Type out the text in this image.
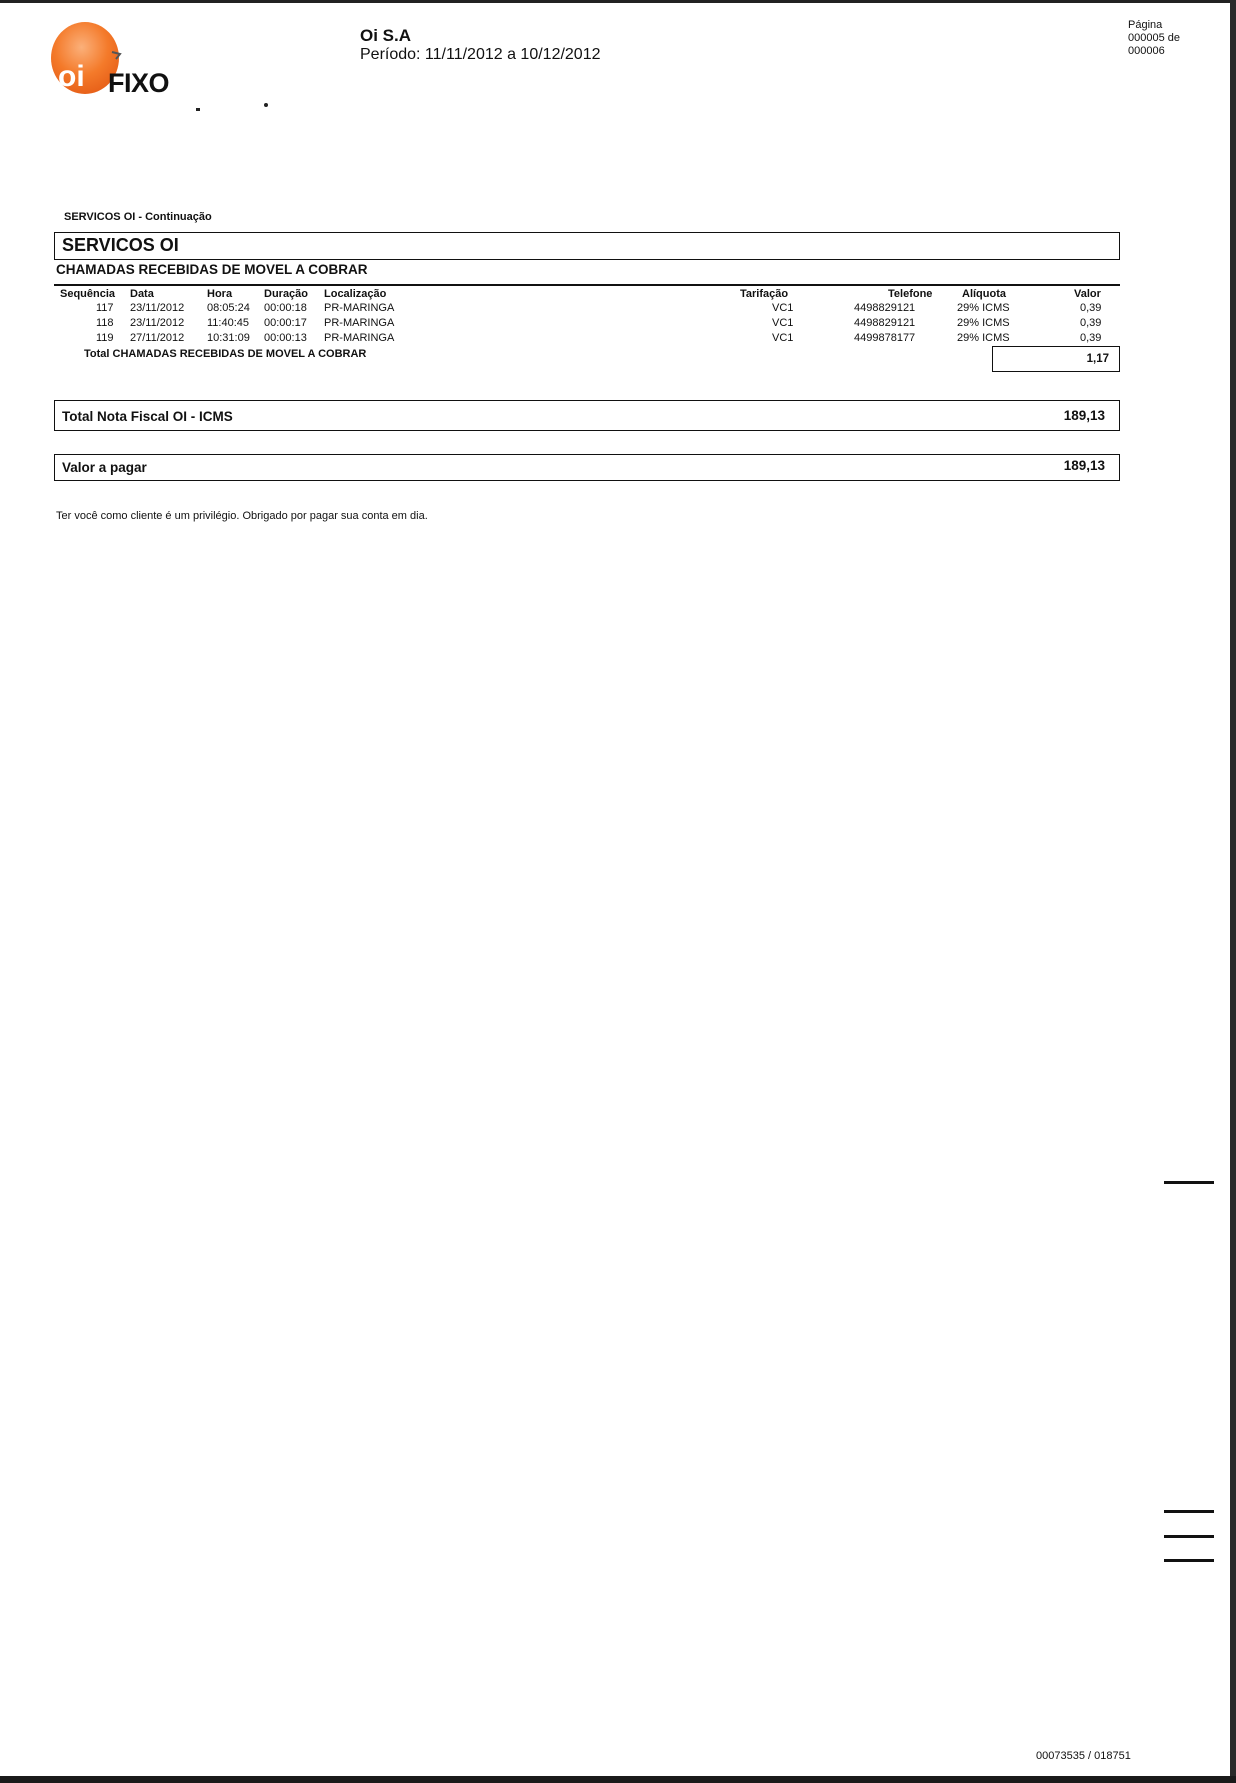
oi FIXO
Oi S.A
Período: 11/11/2012 a 10/12/2012
Página
000005 de
000006
SERVICOS OI - Continuação
SERVICOS OI
CHAMADAS RECEBIDAS DE MOVEL A COBRAR
Sequência Data	Hora	Duração Localização	Tarifação	Telefone	Alíquota	Valor
117 23/11/2012 08:05:24 00:00:18 PR-MARINGA	VC1	4498829121	29% ICMS	0,39
118 23/11/2012 11:40:45 00:00:17 PR-MARINGA	VC1	4498829121	29% ICMS	0,39
119 27/11/2012 10:31:09 00:00:13 PR-MARINGA	VC1	4499878177	29% ICMS	0,39
Total CHAMADAS RECEBIDAS DE MOVEL A COBRAR	1,17
Total Nota Fiscal OI - ICMS	189,13
Valor a pagar	189,13
Ter você como cliente é um privilégio. Obrigado por pagar sua conta em dia.
00073535 / 018751
